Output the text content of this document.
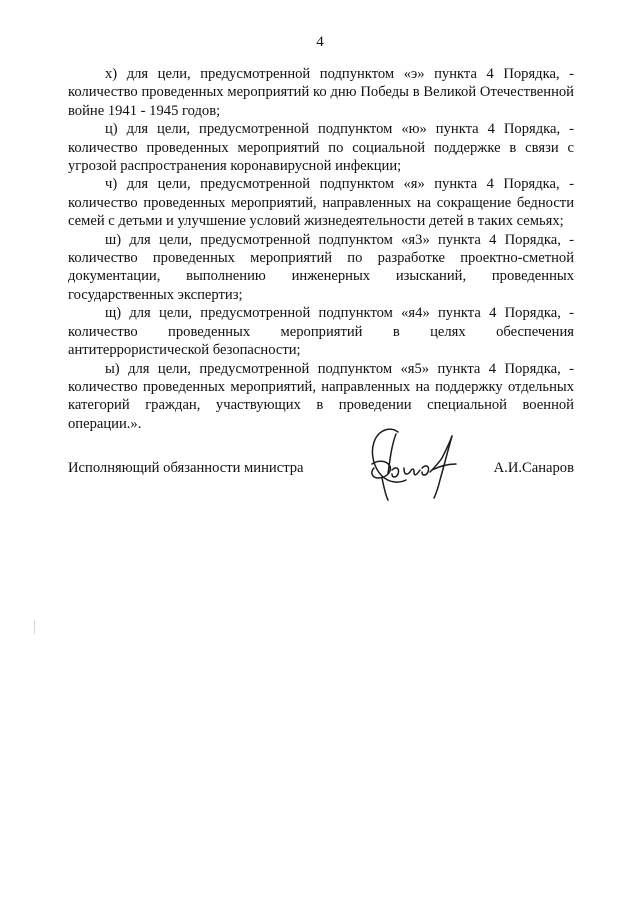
4

х) для цели, предусмотренной подпунктом «э» пункта 4 Порядка, - количество проведенных мероприятий ко дню Победы в Великой Отечественной войне 1941 - 1945 годов;

ц) для цели, предусмотренной подпунктом «ю» пункта 4 Порядка, - количество проведенных мероприятий по социальной поддержке в связи с угрозой распространения коронавирусной инфекции;

ч) для цели, предусмотренной подпунктом «я» пункта 4 Порядка, - количество проведенных мероприятий, направленных на сокращение бедности семей с детьми и улучшение условий жизнедеятельности детей в таких семьях;

ш) для цели, предусмотренной подпунктом «я3» пункта 4 Порядка, - количество проведенных мероприятий по разработке проектно-сметной документации, выполнению инженерных изысканий, проведенных государственных экспертиз;

щ) для цели, предусмотренной подпунктом «я4» пункта 4 Порядка, - количество проведенных мероприятий в целях обеспечения антитеррористической безопасности;

ы) для цели, предусмотренной подпунктом «я5» пункта 4 Порядка, - количество проведенных мероприятий, направленных на поддержку отдельных категорий граждан, участвующих в проведении специальной военной операции.».

Исполняющий обязанности министра	А.И.Санаров
